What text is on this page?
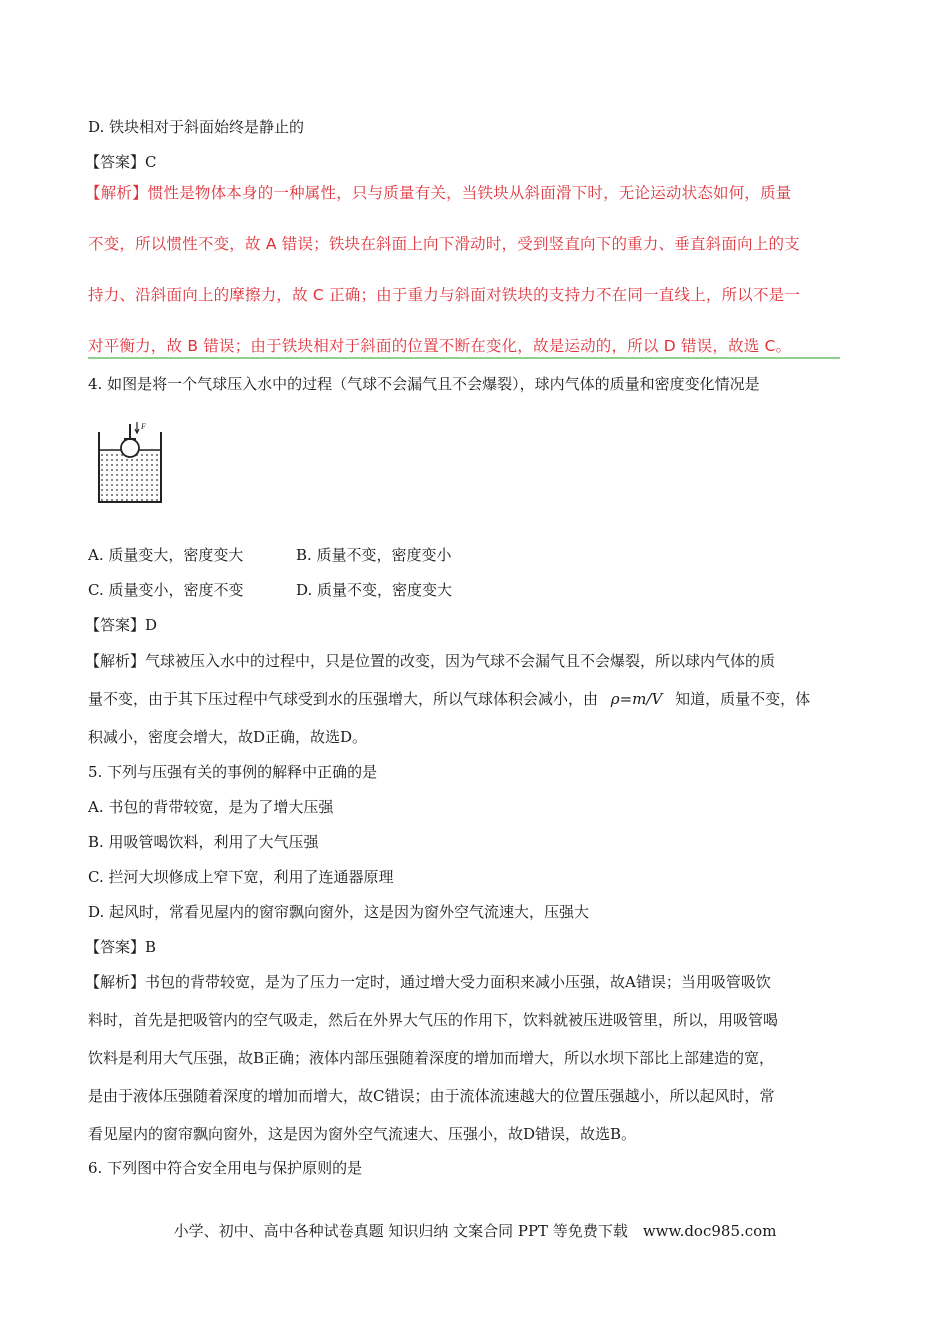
D. 铁块相对于斜面始终是静止的
【答案】C
【解析】惯性是物体本身的一种属性，只与质量有关，当铁块从斜面滑下时，无论运动状态如何，质量
不变，所以惯性不变，故 A 错误；铁块在斜面上向下滑动时，受到竖直向下的重力、垂直斜面向上的支
持力、沿斜面向上的摩擦力，故 C 正确；由于重力与斜面对铁块的支持力不在同一直线上，所以不是一
对平衡力，故 B 错误；由于铁块相对于斜面的位置不断在变化，故是运动的，所以 D 错误，故选 C。
4. 如图是将一个气球压入水中的过程（气球不会漏气且不会爆裂），球内气体的质量和密度变化情况是
F
A. 质量变大，密度变大	B. 质量不变，密度变小
C. 质量变小，密度不变	D. 质量不变，密度变大
【答案】D
【解析】气球被压入水中的过程中，只是位置的改变，因为气球不会漏气且不会爆裂，所以球内气体的质
量不变，由于其下压过程中气球受到水的压强增大，所以气球体积会减小，由 ρ=m/V 知道，质量不变，体
积减小，密度会增大，故D正确，故选D。
5. 下列与压强有关的事例的解释中正确的是
A. 书包的背带较宽，是为了增大压强
B. 用吸管喝饮料，利用了大气压强
C. 拦河大坝修成上窄下宽，利用了连通器原理
D. 起风时，常看见屋内的窗帘飘向窗外，这是因为窗外空气流速大，压强大
【答案】B
【解析】书包的背带较宽，是为了压力一定时，通过增大受力面积来减小压强，故A错误；当用吸管吸饮
料时，首先是把吸管内的空气吸走，然后在外界大气压的作用下，饮料就被压进吸管里，所以，用吸管喝
饮料是利用大气压强，故B正确；液体内部压强随着深度的增加而增大，所以水坝下部比上部建造的宽，
是由于液体压强随着深度的增加而增大，故C错误；由于流体流速越大的位置压强越小，所以起风时，常
看见屋内的窗帘飘向窗外，这是因为窗外空气流速大、压强小，故D错误，故选B。
6. 下列图中符合安全用电与保护原则的是
小学、初中、高中各种试卷真题 知识归纳 文案合同 PPT 等免费下载　www.doc985.com
